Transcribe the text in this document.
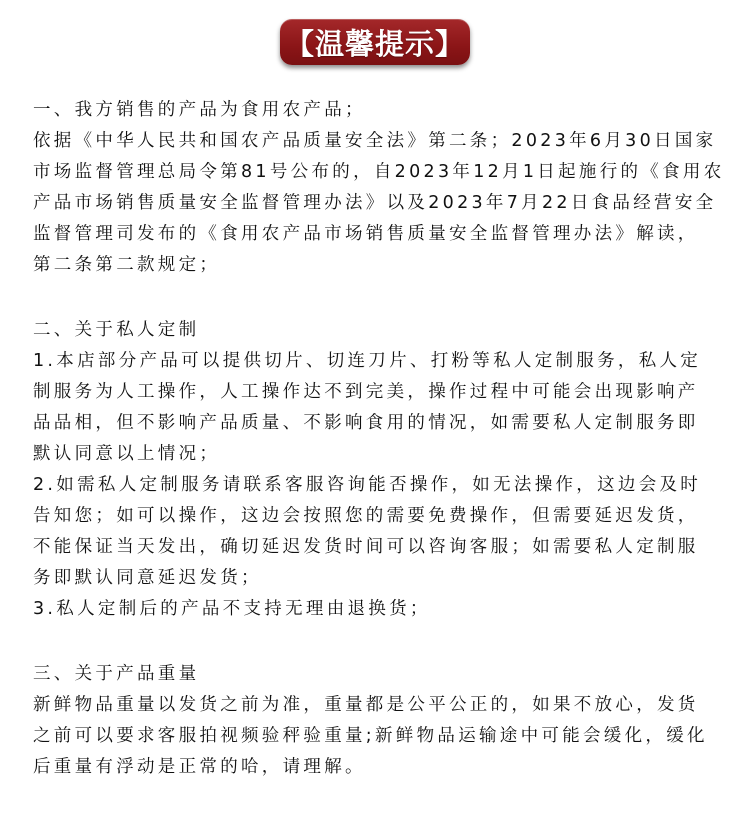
【温馨提示】
一、我方销售的产品为食用农产品；
依据《中华人民共和国农产品质量安全法》第二条；2023年6月30日国家
市场监督管理总局令第81号公布的，自2023年12月1日起施行的《食用农
产品市场销售质量安全监督管理办法》以及2023年7月22日食品经营安全
监督管理司发布的《食用农产品市场销售质量安全监督管理办法》解读，
第二条第二款规定；
二、关于私人定制
1.本店部分产品可以提供切片、切连刀片、打粉等私人定制服务，私人定
制服务为人工操作，人工操作达不到完美，操作过程中可能会出现影响产
品品相，但不影响产品质量、不影响食用的情况，如需要私人定制服务即
默认同意以上情况；
2.如需私人定制服务请联系客服咨询能否操作，如无法操作，这边会及时
告知您；如可以操作，这边会按照您的需要免费操作，但需要延迟发货，
不能保证当天发出，确切延迟发货时间可以咨询客服；如需要私人定制服
务即默认同意延迟发货；
3.私人定制后的产品不支持无理由退换货；
三、关于产品重量
新鲜物品重量以发货之前为准，重量都是公平公正的，如果不放心，发货
之前可以要求客服拍视频验秤验重量;新鲜物品运输途中可能会缓化，缓化
后重量有浮动是正常的哈，请理解。
